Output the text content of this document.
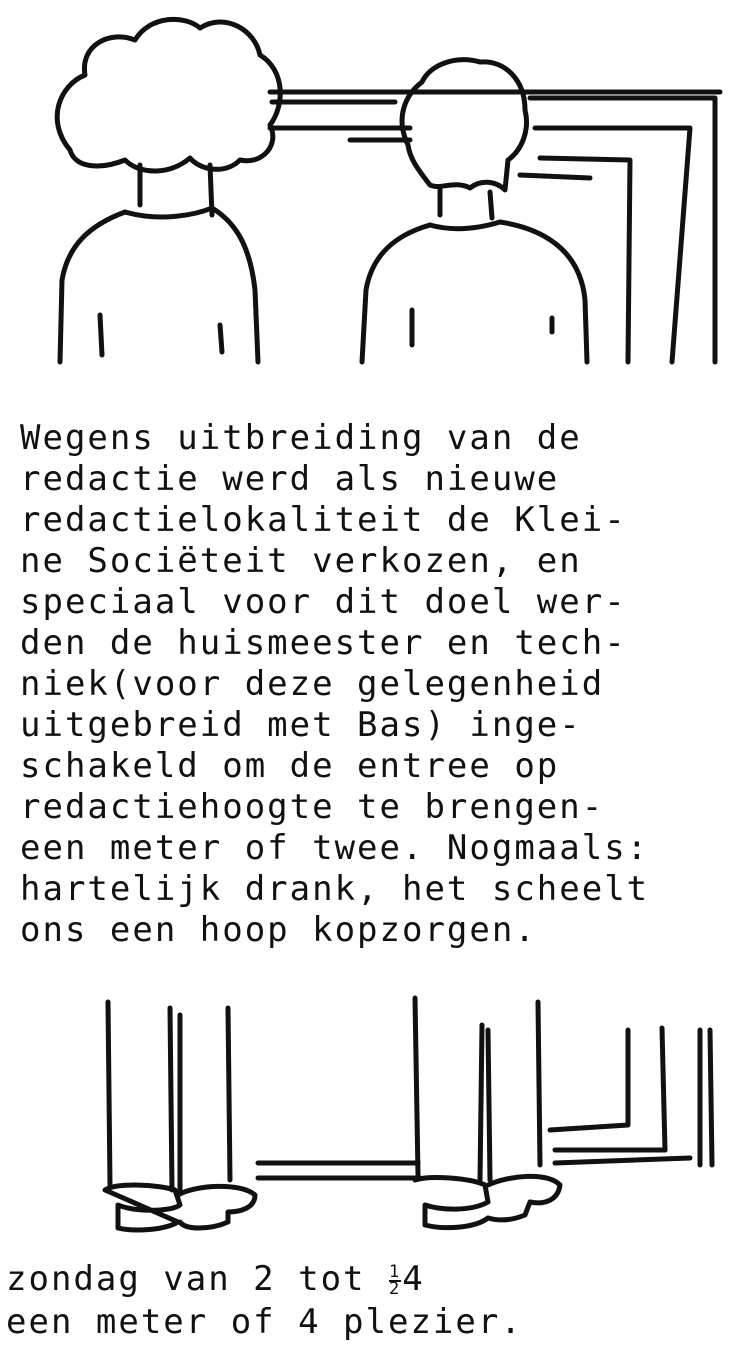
Wegens uitbreiding van de
redactie werd als nieuwe
redactielokaliteit de Klei-
ne Sociëteit verkozen, en
speciaal voor dit doel wer-
den de huismeester en tech-
niek(voor deze gelegenheid
uitgebreid met Bas) inge-
schakeld om de entree op
redactiehoogte te brengen-
een meter of twee. Nogmaals:
hartelijk drank, het scheelt
ons een hoop kopzorgen.
zondag van 2 tot $\frac{1}{2} 4$
een meter of 4 plezier.
